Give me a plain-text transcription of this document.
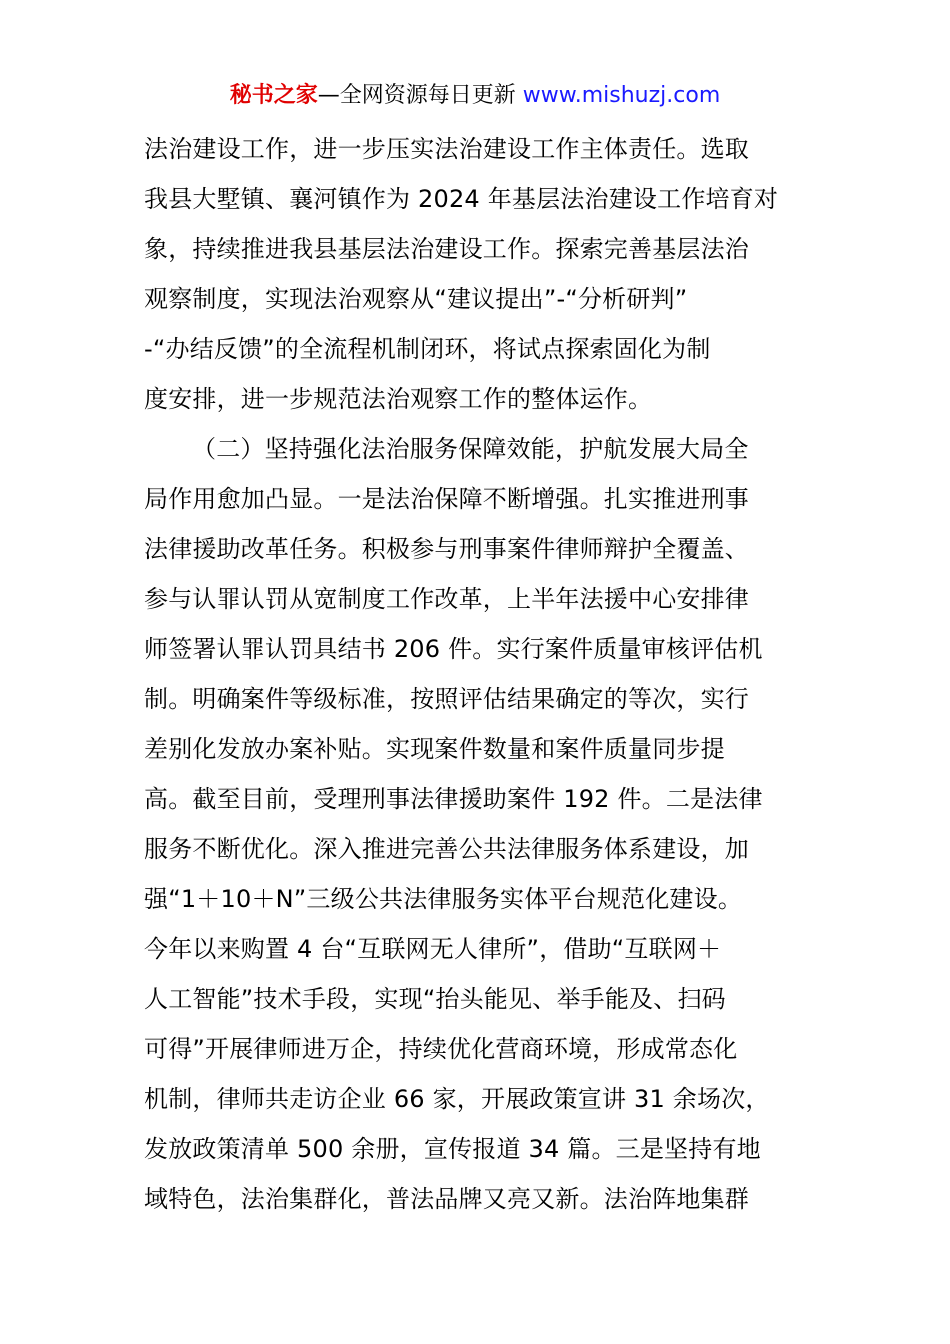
秘书之家—全网资源每日更新 www.mishuzj.com
法治建设工作，进一步压实法治建设工作主体责任。选取
我县大墅镇、襄河镇作为 2024 年基层法治建设工作培育对
象，持续推进我县基层法治建设工作。探索完善基层法治
观察制度，实现法治观察从“建议提出”-“分析研判”
-“办结反馈”的全流程机制闭环，将试点探索固化为制
度安排，进一步规范法治观察工作的整体运作。
（二）坚持强化法治服务保障效能，护航发展大局全
局作用愈加凸显。一是法治保障不断增强。扎实推进刑事
法律援助改革任务。积极参与刑事案件律师辩护全覆盖、
参与认罪认罚从宽制度工作改革，上半年法援中心安排律
师签署认罪认罚具结书 206 件。实行案件质量审核评估机
制。明确案件等级标准，按照评估结果确定的等次，实行
差别化发放办案补贴。实现案件数量和案件质量同步提
高。截至目前，受理刑事法律援助案件 192 件。二是法律
服务不断优化。深入推进完善公共法律服务体系建设，加
强“1＋10＋N”三级公共法律服务实体平台规范化建设。
今年以来购置 4 台“互联网无人律所”，借助“互联网＋
人工智能”技术手段，实现“抬头能见、举手能及、扫码
可得”开展律师进万企，持续优化营商环境，形成常态化
机制，律师共走访企业 66 家，开展政策宣讲 31 余场次，
发放政策清单 500 余册，宣传报道 34 篇。三是坚持有地
域特色，法治集群化，普法品牌又亮又新。法治阵地集群
